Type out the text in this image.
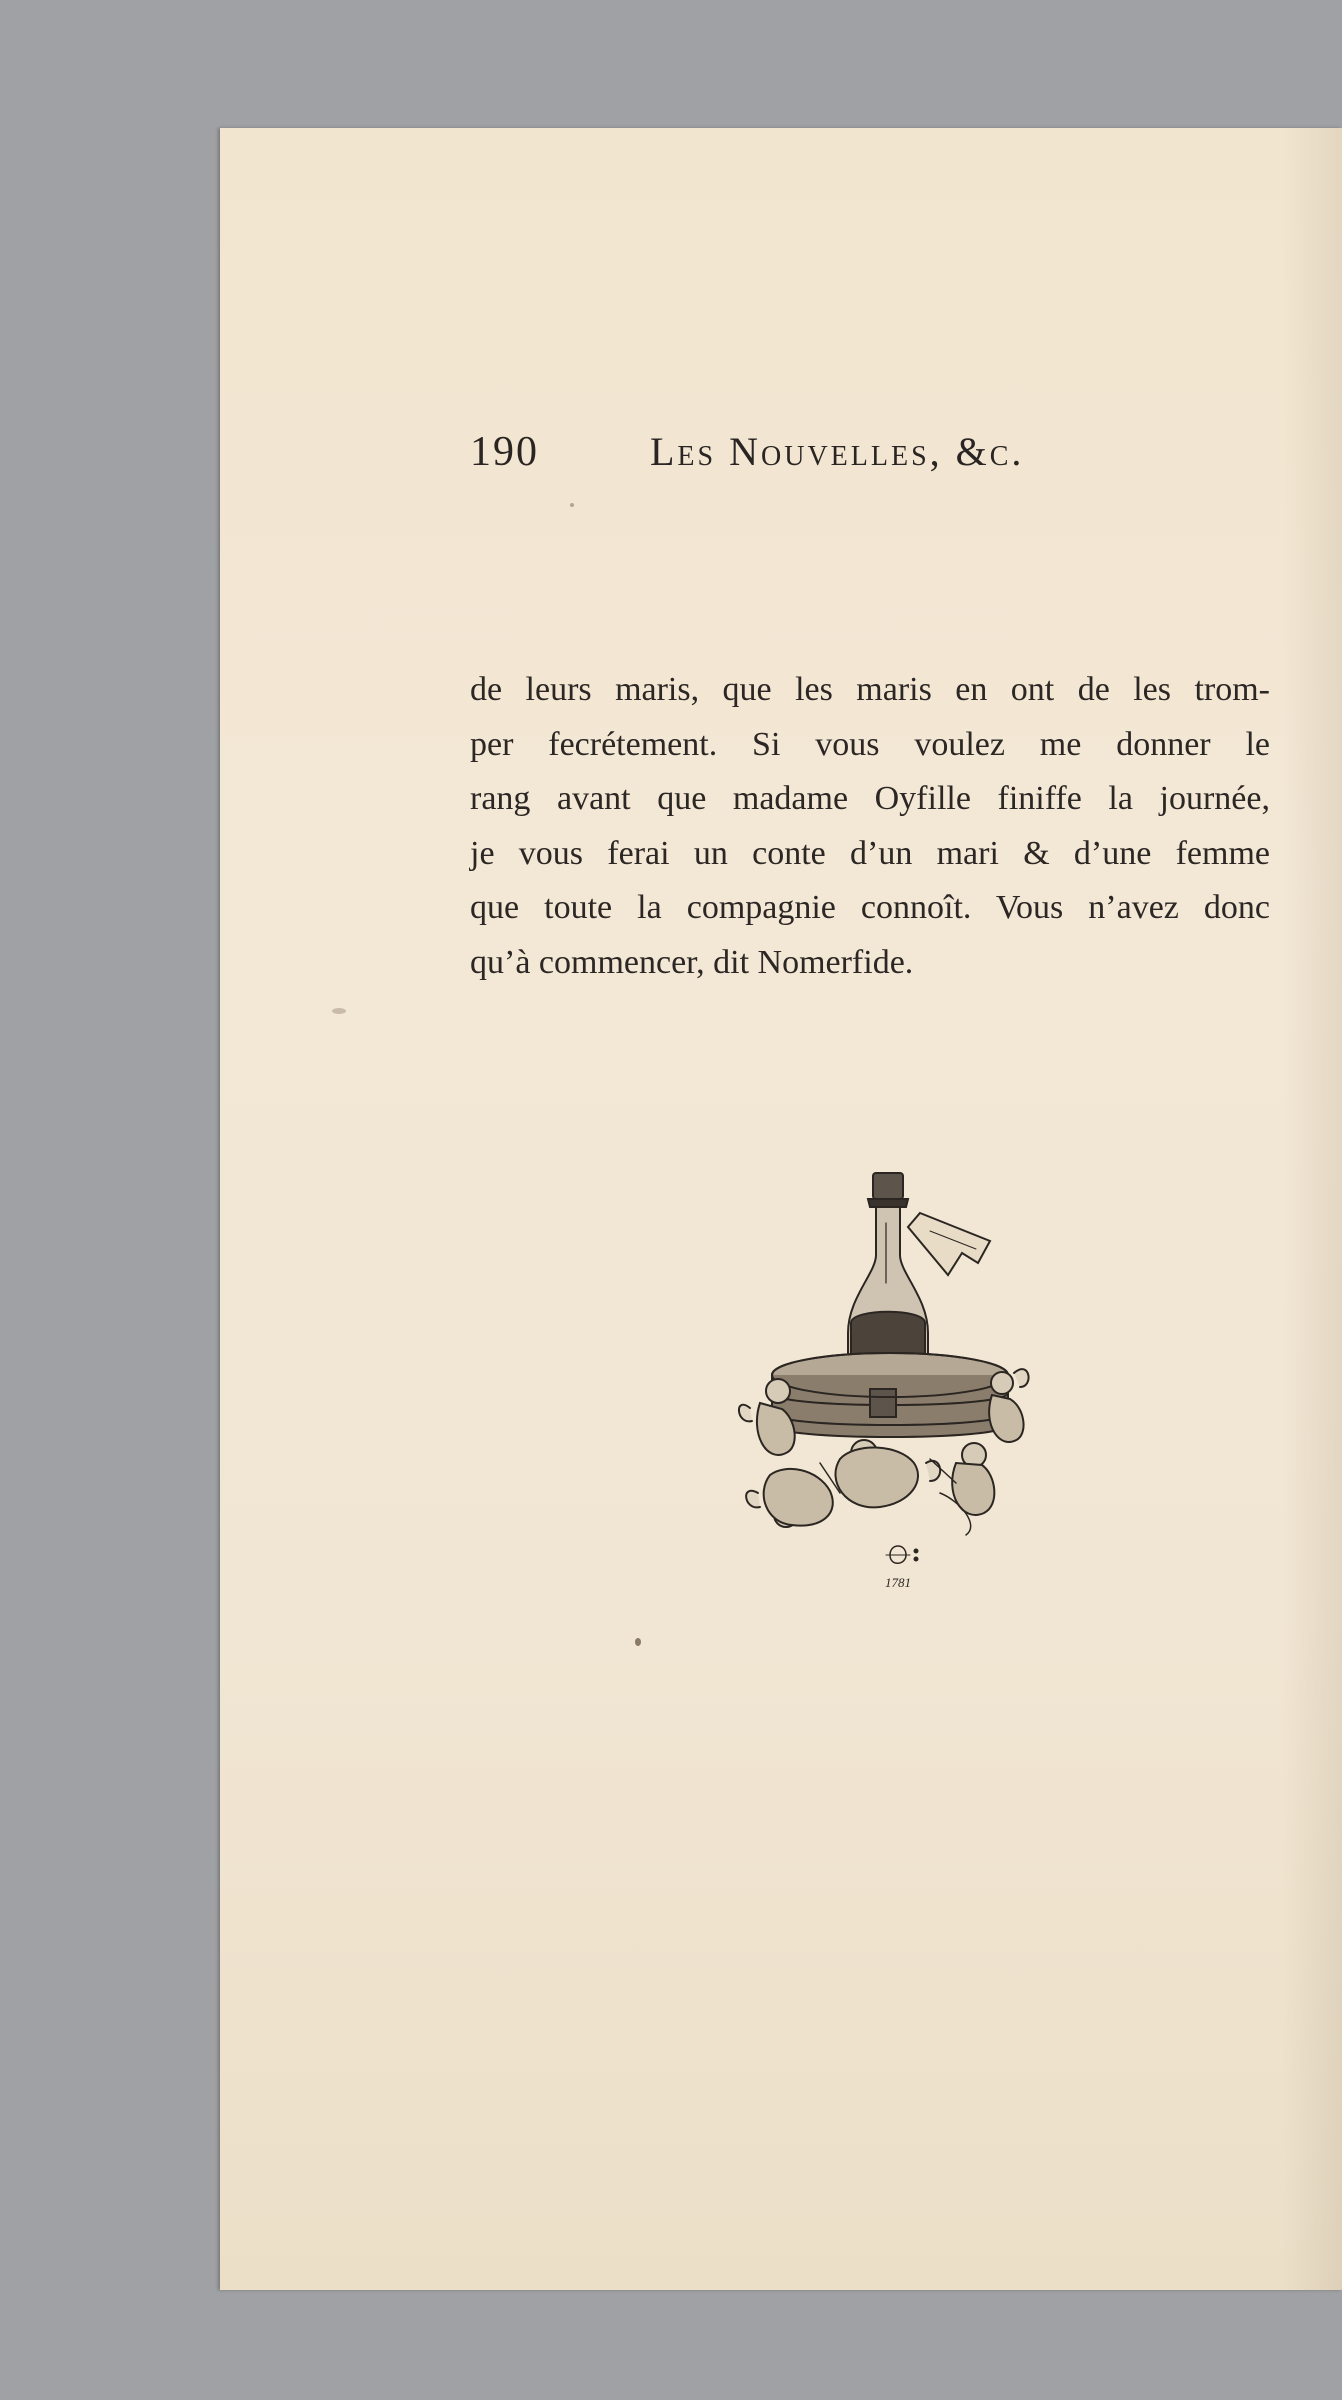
190	Les Nouvelles, &c.
de leurs maris, que les maris en ont de les trom-
per fecrétement. Si vous voulez me donner le
rang avant que madame Oyfille finiffe la journée,
je vous ferai un conte d’un mari & d’une femme
que toute la compagnie connoît. Vous n’avez donc
qu’à commencer, dit Nomerfide.
1781
